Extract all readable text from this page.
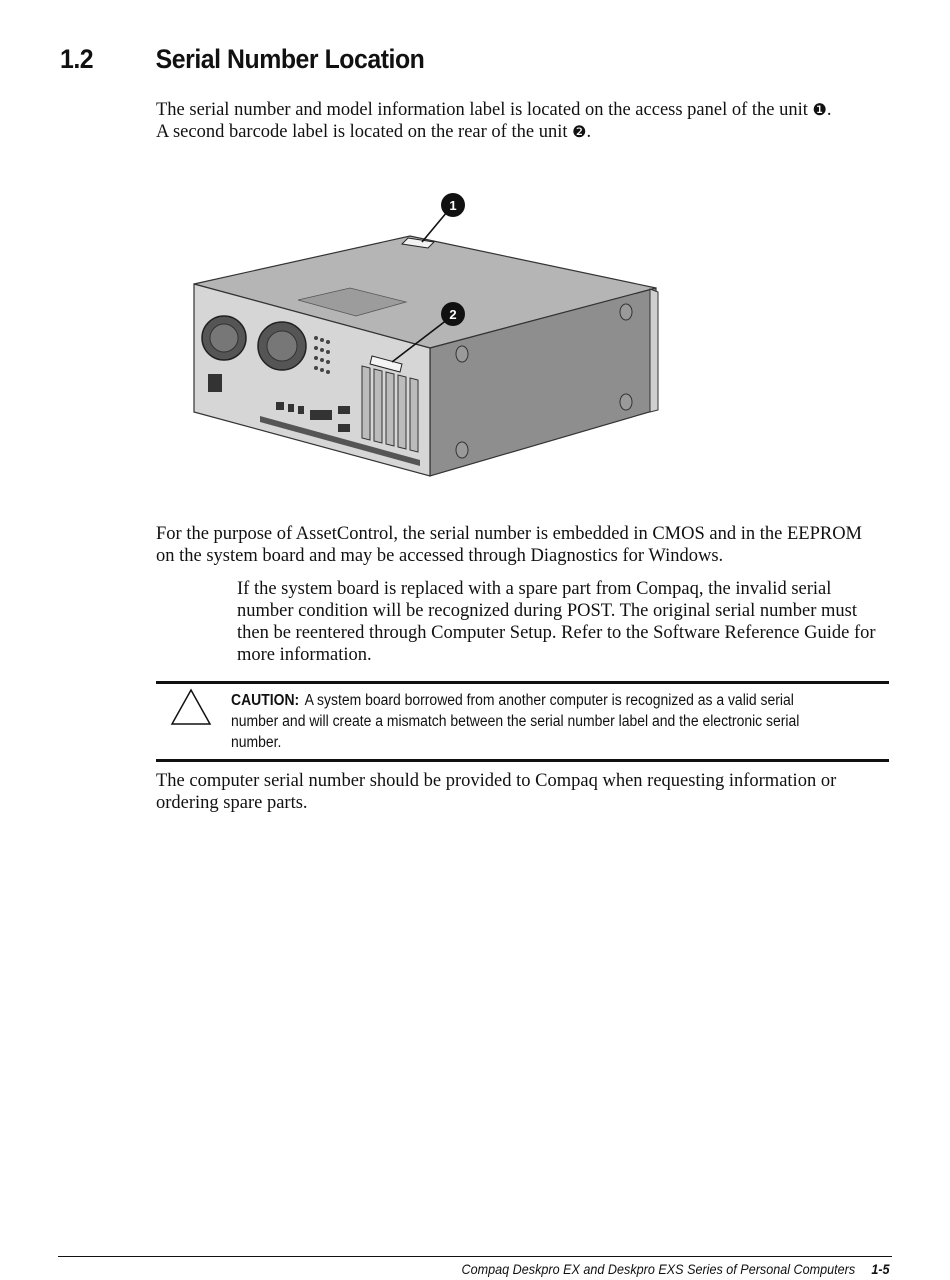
1.2 Serial Number Location
The serial number and model information label is located on the access panel of the unit ❶. A second barcode label is located on the rear of the unit ❷.
1
2
For the purpose of AssetControl, the serial number is embedded in CMOS and in the EEPROM on the system board and may be accessed through Diagnostics for Windows.
If the system board is replaced with a spare part from Compaq, the invalid serial number condition will be recognized during POST. The original serial number must then be reentered through Computer Setup. Refer to the Software Reference Guide for more information.
CAUTION: A system board borrowed from another computer is recognized as a valid serial number and will create a mismatch between the serial number label and the electronic serial number.
The computer serial number should be provided to Compaq when requesting information or ordering spare parts.
Compaq Deskpro EX and Deskpro EXS Series of Personal Computers 1-5
